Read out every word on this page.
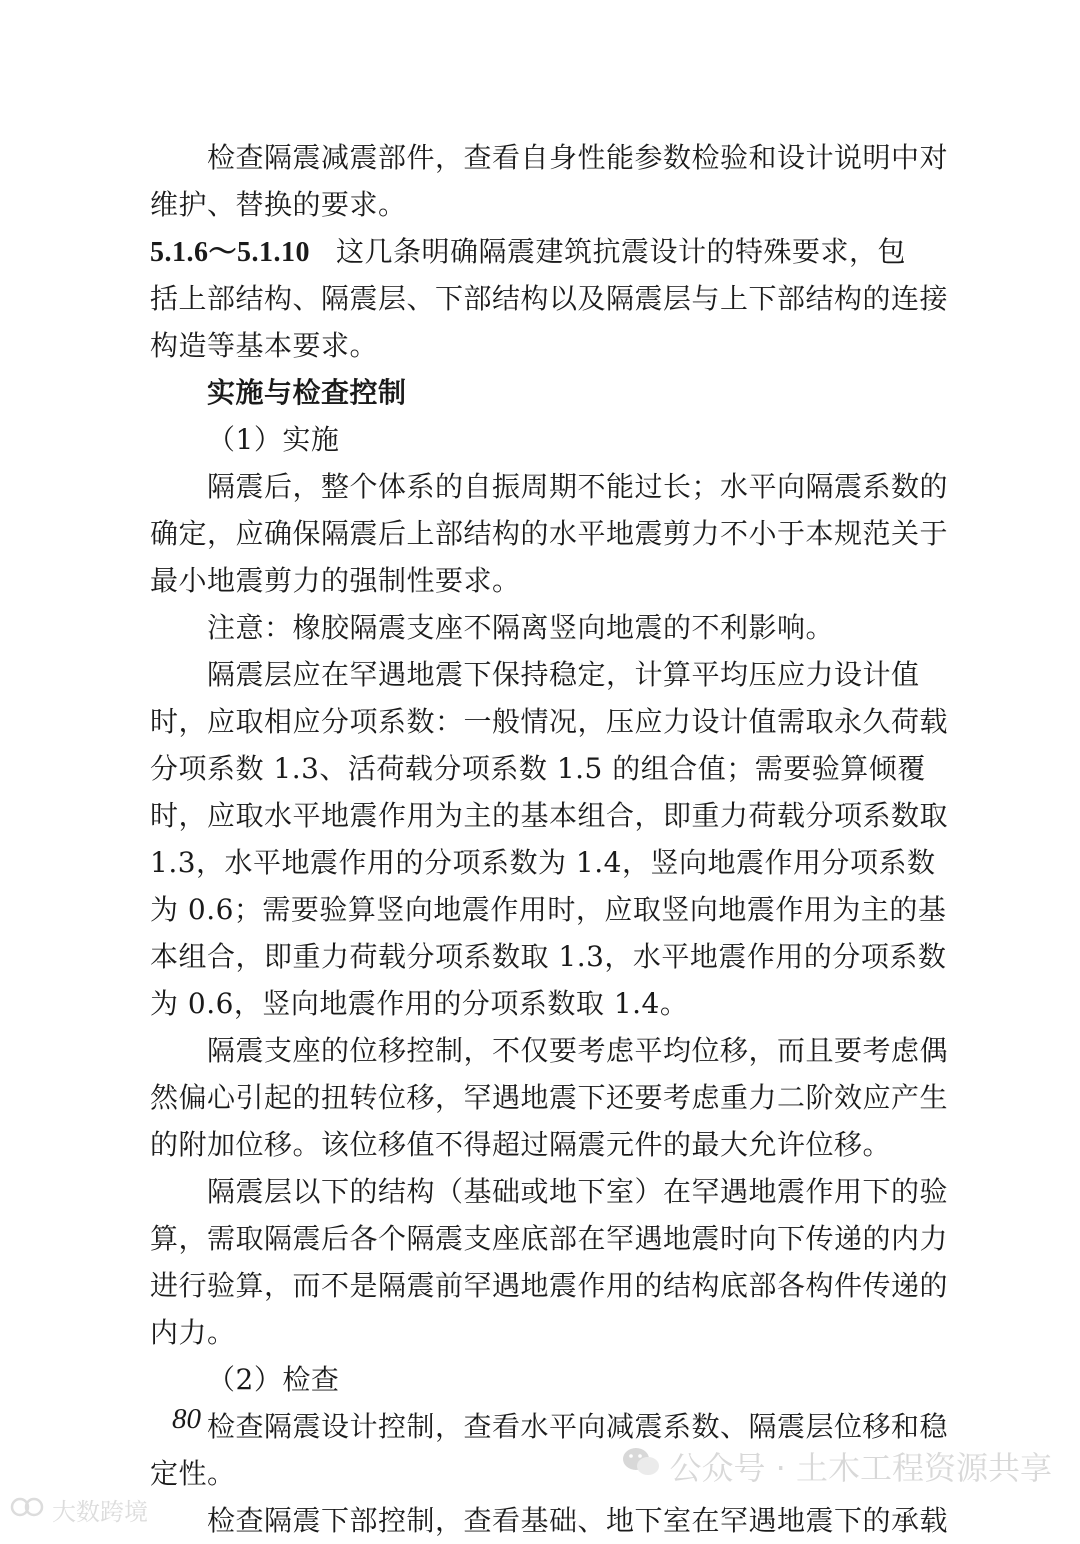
检查隔震减震部件，查看自身性能参数检验和设计说明中对
维护、替换的要求。
5.1.6～5.1.10 这几条明确隔震建筑抗震设计的特殊要求，包
括上部结构、隔震层、下部结构以及隔震层与上下部结构的连接
构造等基本要求。
实施与检查控制
（1）实施
隔震后，整个体系的自振周期不能过长；水平向隔震系数的
确定，应确保隔震后上部结构的水平地震剪力不小于本规范关于
最小地震剪力的强制性要求。
注意：橡胶隔震支座不隔离竖向地震的不利影响。
隔震层应在罕遇地震下保持稳定，计算平均压应力设计值
时，应取相应分项系数：一般情况，压应力设计值需取永久荷载
分项系数 1.3、活荷载分项系数 1.5 的组合值；需要验算倾覆
时，应取水平地震作用为主的基本组合，即重力荷载分项系数取
1.3，水平地震作用的分项系数为 1.4，竖向地震作用分项系数
为 0.6；需要验算竖向地震作用时，应取竖向地震作用为主的基
本组合，即重力荷载分项系数取 1.3，水平地震作用的分项系数
为 0.6，竖向地震作用的分项系数取 1.4。
隔震支座的位移控制，不仅要考虑平均位移，而且要考虑偶
然偏心引起的扭转位移，罕遇地震下还要考虑重力二阶效应产生
的附加位移。该位移值不得超过隔震元件的最大允许位移。
隔震层以下的结构（基础或地下室）在罕遇地震作用下的验
算，需取隔震后各个隔震支座底部在罕遇地震时向下传递的内力
进行验算，而不是隔震前罕遇地震作用的结构底部各构件传递的
内力。
（2）检查
检查隔震设计控制，查看水平向减震系数、隔震层位移和稳
定性。
检查隔震下部控制，查看基础、地下室在罕遇地震下的承载
80
公众号 · 土木工程资源共享
大数跨境
